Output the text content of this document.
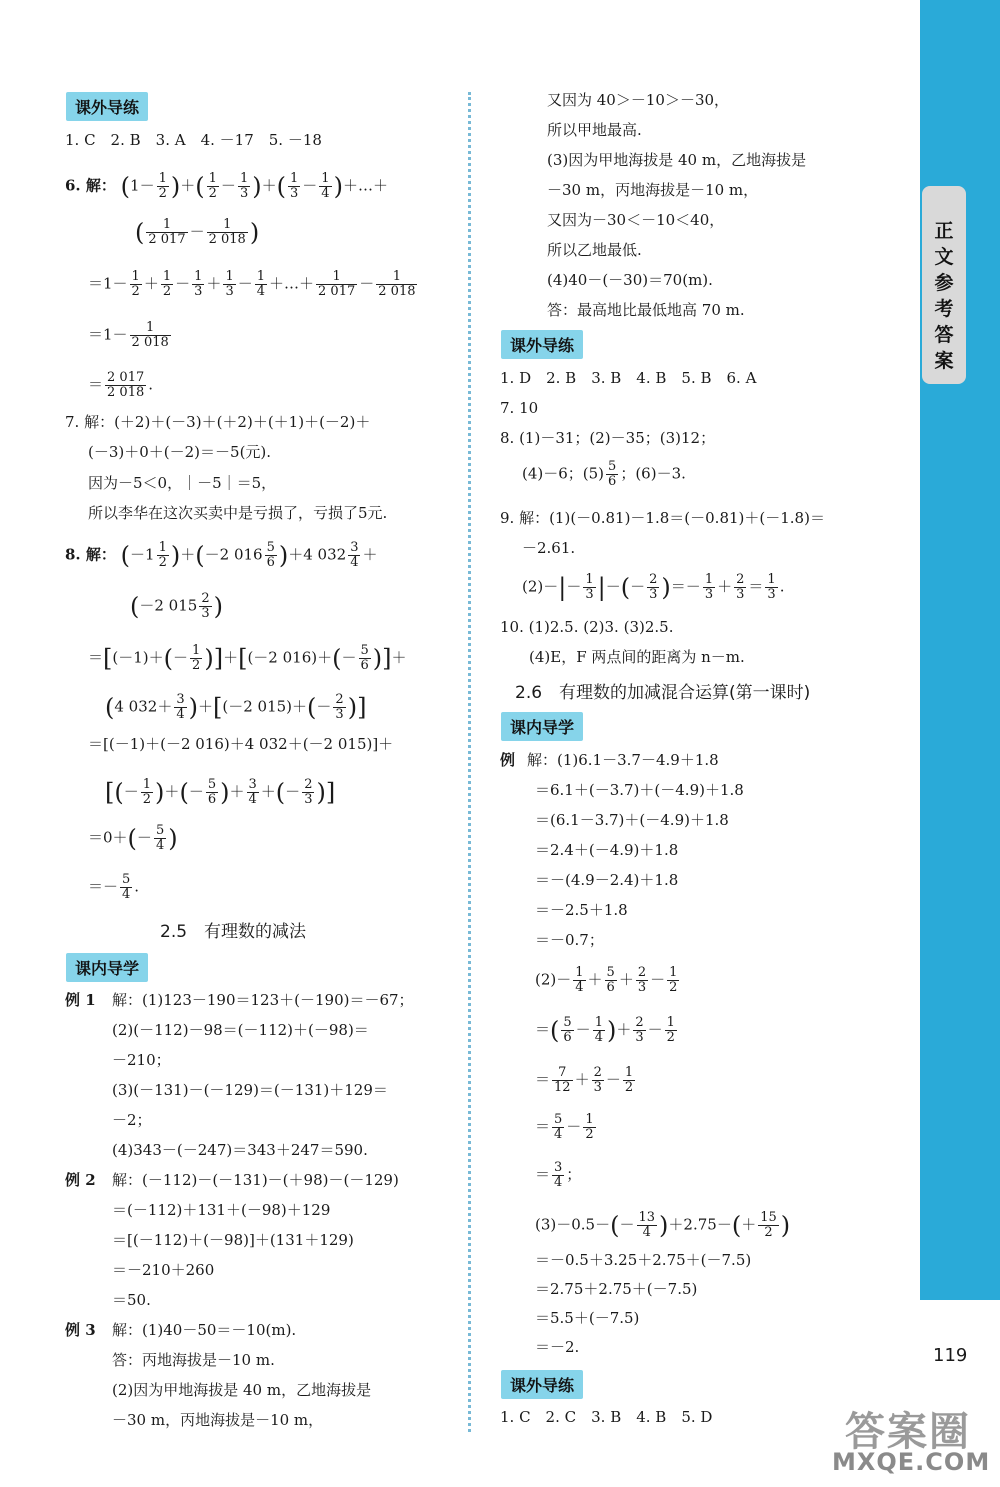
正文参考答案
119
课外导练
1. C　2. B　3. A　4. －17　5. －18
6. 解： ($1- \frac{1}{2}$ )＋( $\frac{1}{2} - \frac{1}{3}$ )＋( $\frac{1}{3} - \frac{1}{4}$ )＋…＋
( $\frac{1}{2 017} - \frac{1}{2 018}$ )
$=1- \frac{1}{2} + \frac{1}{2} - \frac{1}{3} + \frac{1}{3} - \frac{1}{4}$ ＋…＋ $\frac{1}{2 017} - \frac{1}{2 018}$
$=1- \frac{1}{2 018}$
＝ $\frac{2 017}{2 018}$ .
7. 解：(＋2)＋(－3)＋(＋2)＋(＋1)＋(－2)＋
(－3)＋0＋(－2)＝－5(元).
因为－5＜0，｜－5｜＝5，
所以李华在这次买卖中是亏损了，亏损了5元.
8. 解： $(-1 \frac{1}{2} )+(-2$ $016 \frac{5}{6} )+4$ $032 \frac{3}{4}$ ＋
(－2 $015 \frac{2}{3}$ )
$=[(-1)+(- \frac{1}{2} )]+[(-2$ $016)+(- \frac{5}{6}$ )]＋
(4 $032+ \frac{3}{4} )+[(-2$ $015)+(- \frac{2}{3}$ )]
＝[(－1)＋(－2 016)＋4 032＋(－2 015)]＋
[(－ $\frac{1}{2}$ )＋(－ $\frac{5}{6}$ )＋ $\frac{3}{4}$ ＋(－ $\frac{2}{3}$ )]
$=0+(- \frac{5}{4}$ )
＝－ $\frac{5}{4}$ .
2.5　有理数的减法
课内导学
例 1 解：(1)123－190＝123＋(－190)＝－67；
(2)(－112)－98＝(－112)＋(－98)＝
－210；
(3)(－131)－(－129)＝(－131)＋129＝
－2；
(4)343－(－247)＝343＋247＝590.
例 2 解：(－112)－(－131)－(＋98)－(－129)
＝(－112)＋131＋(－98)＋129
＝[(－112)＋(－98)]＋(131＋129)
＝－210＋260
＝50.
例 3 解：(1)40－50＝－10(m).
答：丙地海拔是－10 m.
(2)因为甲地海拔是 40 m，乙地海拔是
－30 m，丙地海拔是－10 m，
又因为 40＞－10＞－30，
所以甲地最高.
(3)因为甲地海拔是 40 m，乙地海拔是
－30 m，丙地海拔是－10 m，
又因为－30＜－10＜40，
所以乙地最低.
(4)40－(－30)＝70(m).
答：最高地比最低地高 70 m.
课外导练
1. D　2. B　3. B　4. B　5. B　6. A
7. 10
8. (1)－31；(2)－35；(3)12；
(4)－6；$(5) \frac{5}{6}$ ；(6)－3.
9. 解：(1)(－0.81)－1.8＝(－0.81)＋(－1.8)＝
－2.61.
$(2)-|- \frac{1}{3}$ |－(－ $\frac{2}{3}$ )＝－ $\frac{1}{3} + \frac{2}{3} = \frac{1}{3}$ .
10. (1)2.5. (2)3. (3)2.5.
(4)E，F 两点间的距离为 n－m.
2.6　有理数的加减混合运算(第一课时)
课内导学
例 解：(1)6.1－3.7－4.9＋1.8
＝6.1＋(－3.7)＋(－4.9)＋1.8
＝(6.1－3.7)＋(－4.9)＋1.8
＝2.4＋(－4.9)＋1.8
＝－(4.9－2.4)＋1.8
＝－2.5＋1.8
＝－0.7；
$(2)- \frac{1}{4} + \frac{5}{6} + \frac{2}{3} - \frac{1}{2}$
＝( $\frac{5}{6} - \frac{1}{4}$ )＋ $\frac{2}{3} - \frac{1}{2}$
＝ $\frac{7}{12} + \frac{2}{3} - \frac{1}{2}$
＝ $\frac{5}{4} - \frac{1}{2}$
＝ $\frac{3}{4}$ ；
$(3)-0.5-(- \frac{13}{4} )+2.75-(+ \frac{15}{2}$ )
＝－0.5＋3.25＋2.75＋(－7.5)
＝2.75＋2.75＋(－7.5)
＝5.5＋(－7.5)
＝－2.
课外导练
1. C　2. C　3. B　4. B　5. D	答案圈
MXQE.COM
